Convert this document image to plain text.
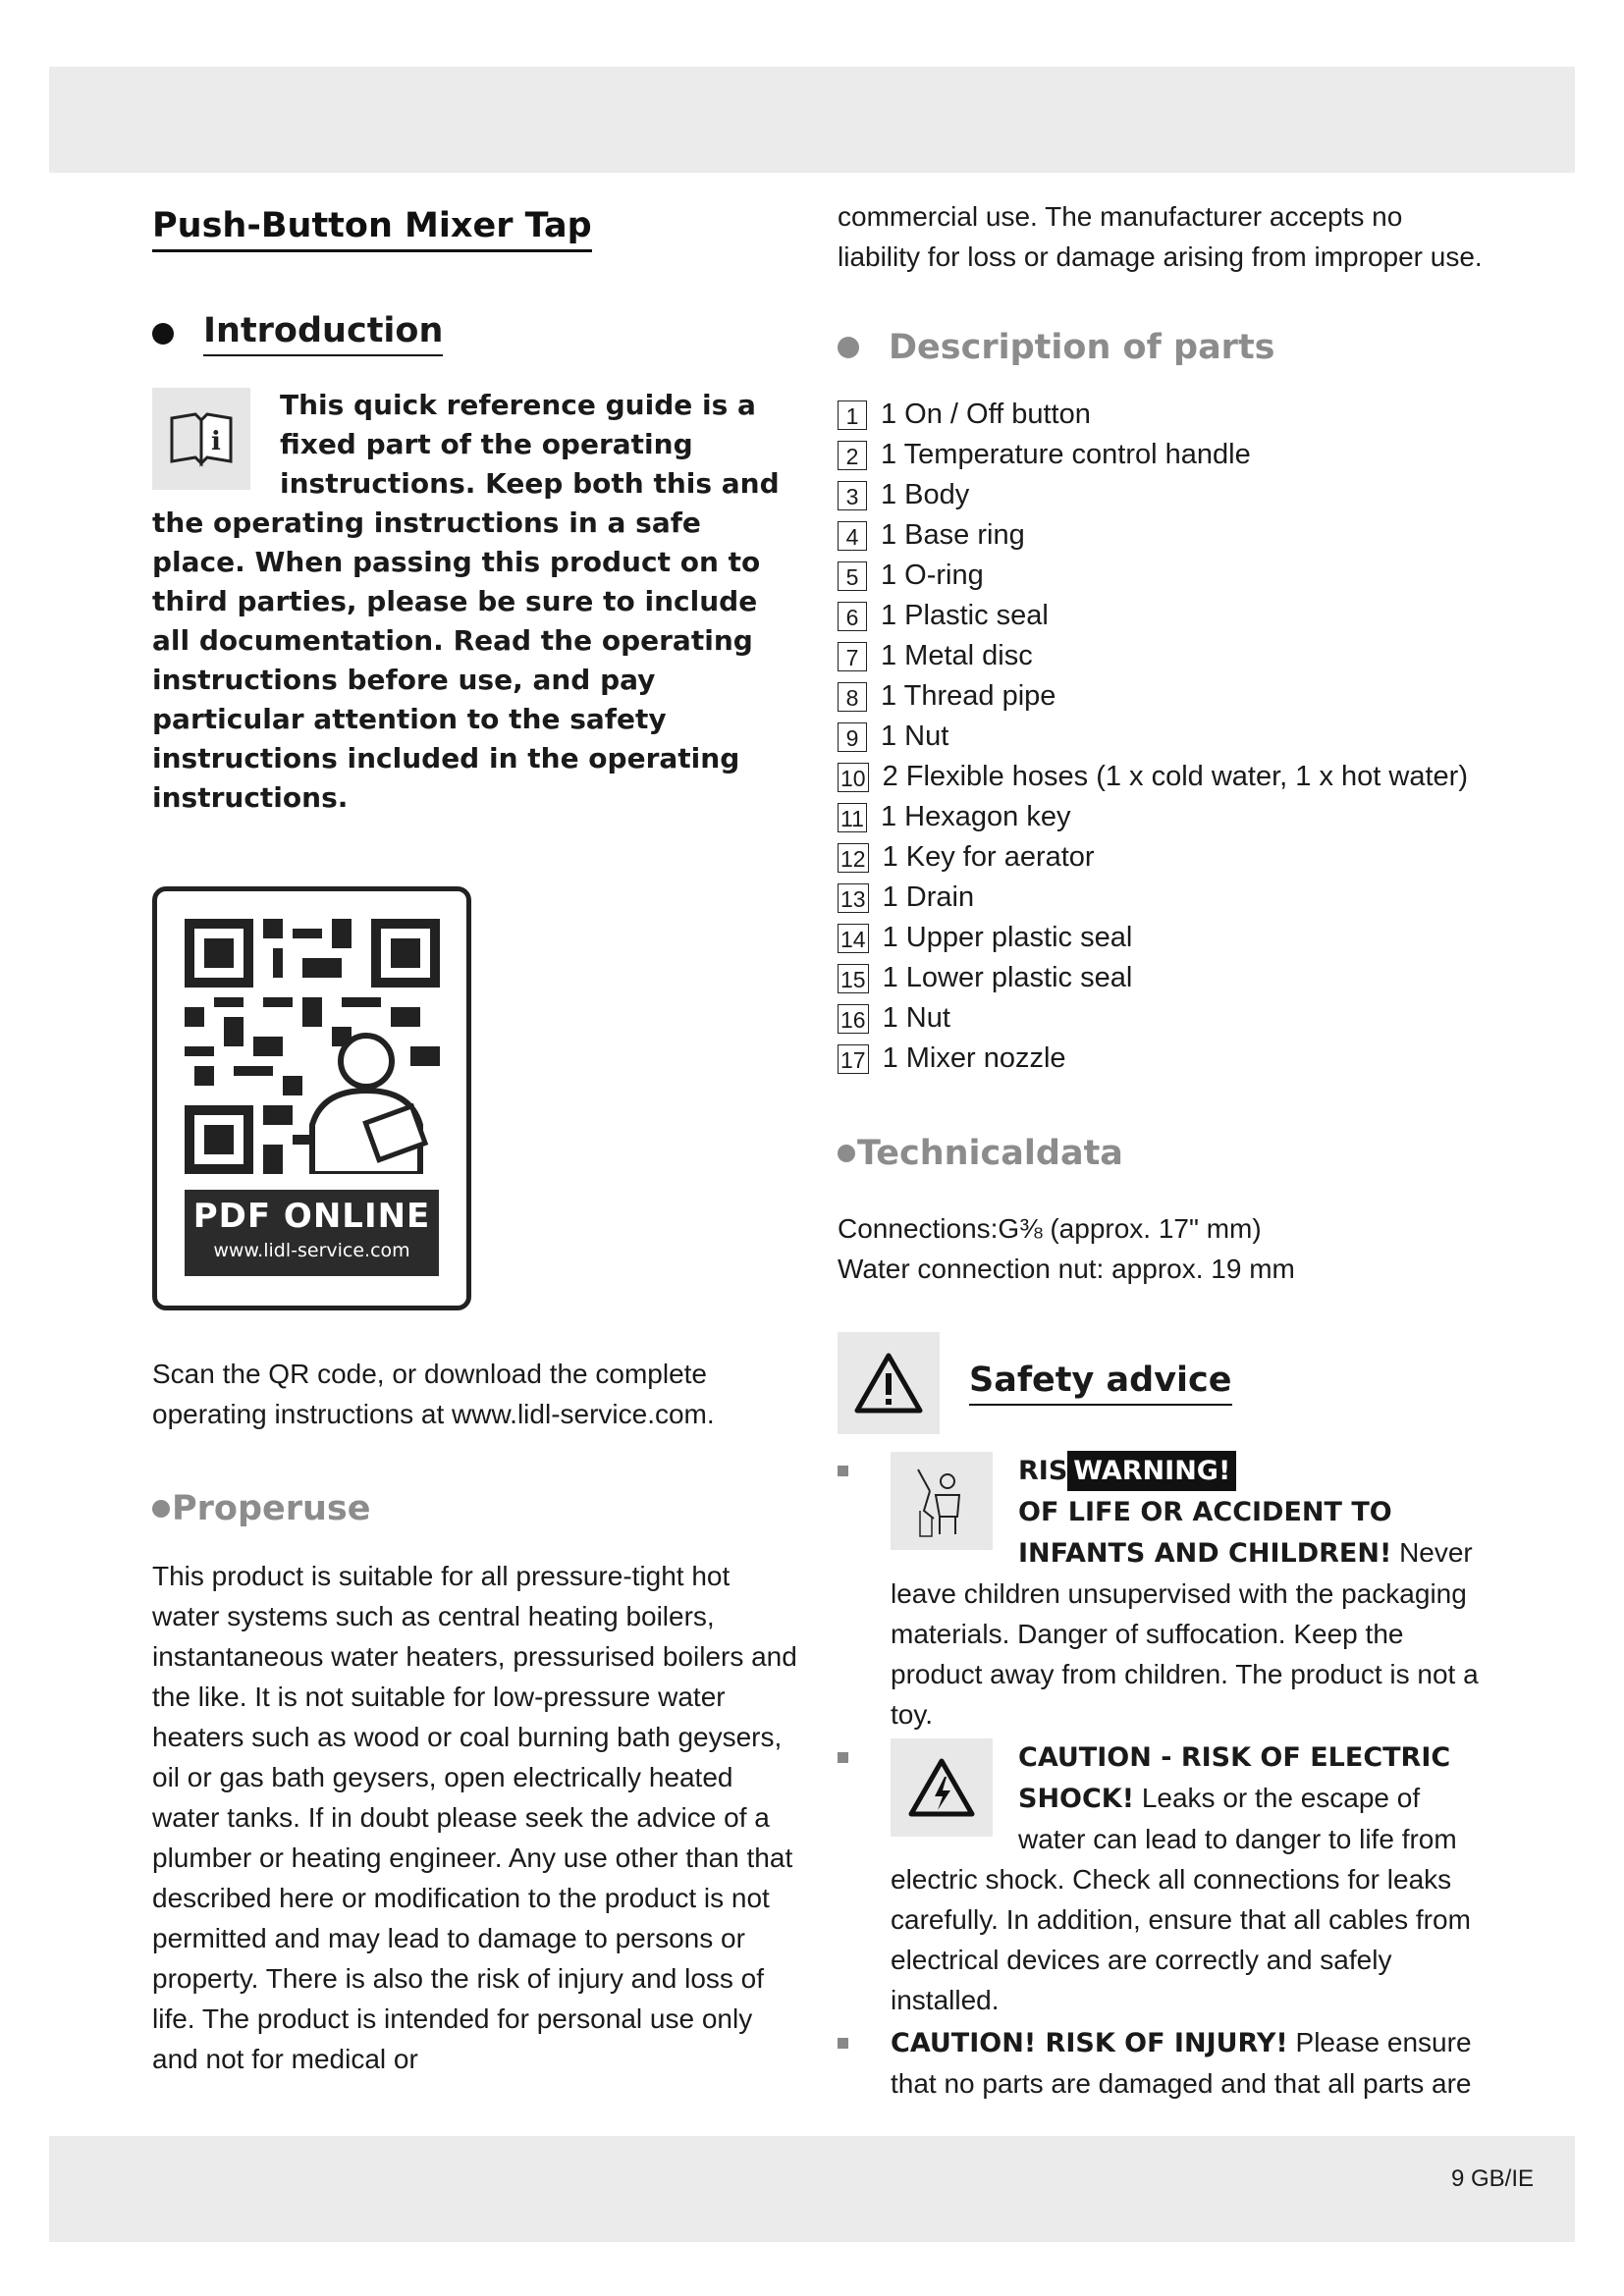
Push-Button Mixer Tap
Introduction
i
This quick reference guide is a fixed part of the operating instructions. Keep both this and the operating instructions in a safe place. When passing this product on to third parties, please be sure to include all documentation. Read the operating instructions before use, and pay particular attention to the safety instructions included in the operating instructions.
PDF ONLINE
www.lidl-service.com
Scan the QR code, or download the complete operating instructions at www.lidl-service.com.
Properuse
This product is suitable for all pressure-tight hot water systems such as central heating boilers, instantaneous water heaters, pressurised boilers and the like. It is not suitable for low-pressure water heaters such as wood or coal burning bath geysers, oil or gas bath geysers, open electrically heated water tanks. If in doubt please seek the advice of a plumber or heating engineer. Any use other than that described here or modification to the product is not permitted and may lead to damage to persons or property. There is also the risk of injury and loss of life. The product is intended for personal use only and not for medical or
commercial use. The manufacturer accepts no liability for loss or damage arising from improper use.
Description of parts
1 1 On / Off button
2 1 Temperature control handle
3 1 Body
4 1 Base ring
5 1 O-ring
6 1 Plastic seal
7 1 Metal disc
8 1 Thread pipe
9 1 Nut
10 2 Flexible hoses (1 x cold water, 1 x hot water)
11 1 Hexagon key
12 1 Key for aerator
13 1 Drain
14 1 Upper plastic seal
15 1 Lower plastic seal
16 1 Nut
17 1 Mixer nozzle
Technicaldata
Connections:G⅜ (approx. 17" mm)
Water connection nut: approx. 19 mm
Safety advice
RIS WARNING!
OF LIFE OR ACCIDENT TO INFANTS AND CHILDREN! Never leave children unsupervised with the packaging materials. Danger of suffocation. Keep the product away from children. The product is not a toy.
CAUTION - RISK OF ELECTRIC SHOCK! Leaks or the escape of water can lead to danger to life from electric shock. Check all connections for leaks carefully. In addition, ensure that all cables from electrical devices are correctly and safely installed.
CAUTION! RISK OF INJURY! Please ensure that no parts are damaged and that all parts are
9 GB/IE
